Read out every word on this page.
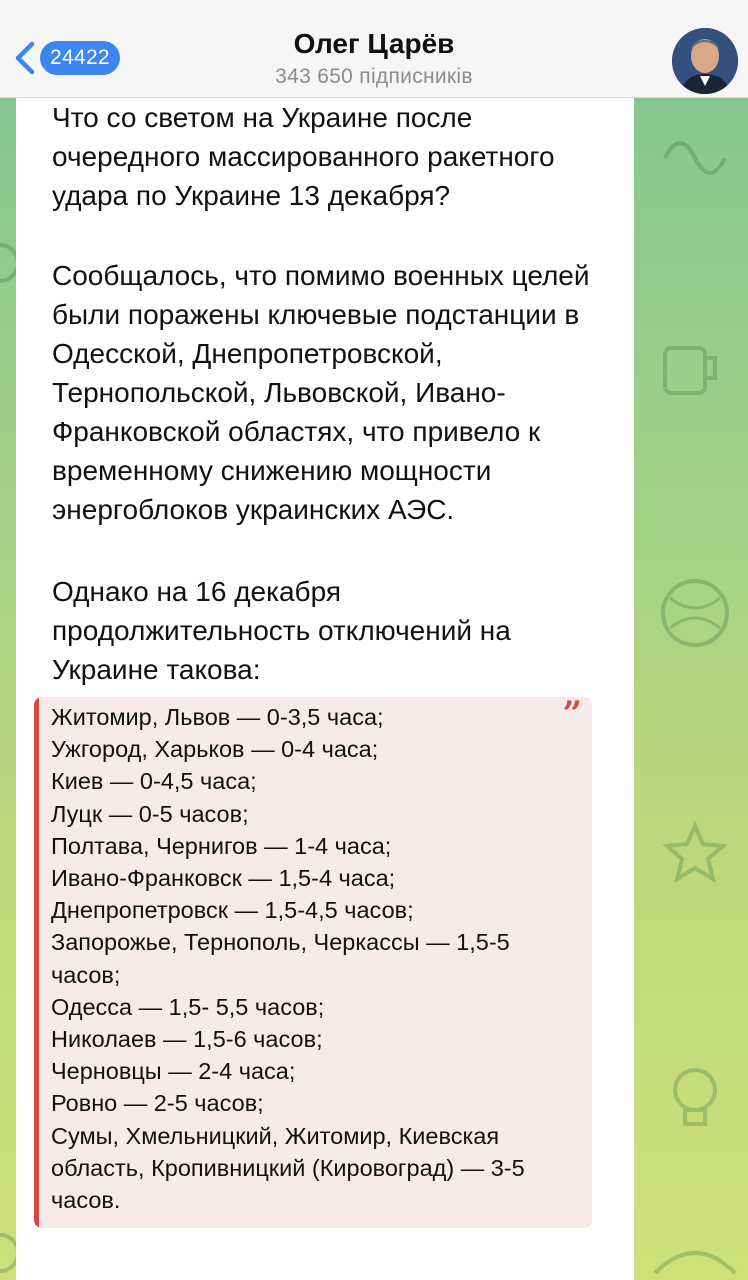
24422	Олег Царёв
343 650 підписників
Что со светом на Украине после
очередного массированного ракетного
удара по Украине 13 декабря?
Сообщалось, что помимо военных целей
были поражены ключевые подстанции в
Одесской, Днепропетровской,
Тернопольской, Львовской, Ивано-
Франковской областях, что привело к
временному снижению мощности
энергоблоков украинских АЭС.
Однако на 16 декабря
продолжительность отключений на
Украине такова:
”
Житомир, Львов — 0-3,5 часа;
Ужгород, Харьков — 0-4 часа;
Киев — 0-4,5 часа;
Луцк — 0-5 часов;
Полтава, Чернигов — 1-4 часа;
Ивано-Франковск — 1,5-4 часа;
Днепропетровск — 1,5-4,5 часов;
Запорожье, Тернополь, Черкассы — 1,5-5
часов;
Одесса — 1,5- 5,5 часов;
Николаев — 1,5-6 часов;
Черновцы — 2-4 часа;
Ровно — 2-5 часов;
Сумы, Хмельницкий, Житомир, Киевская
область, Кропивницкий (Кировоград) — 3-5
часов.
